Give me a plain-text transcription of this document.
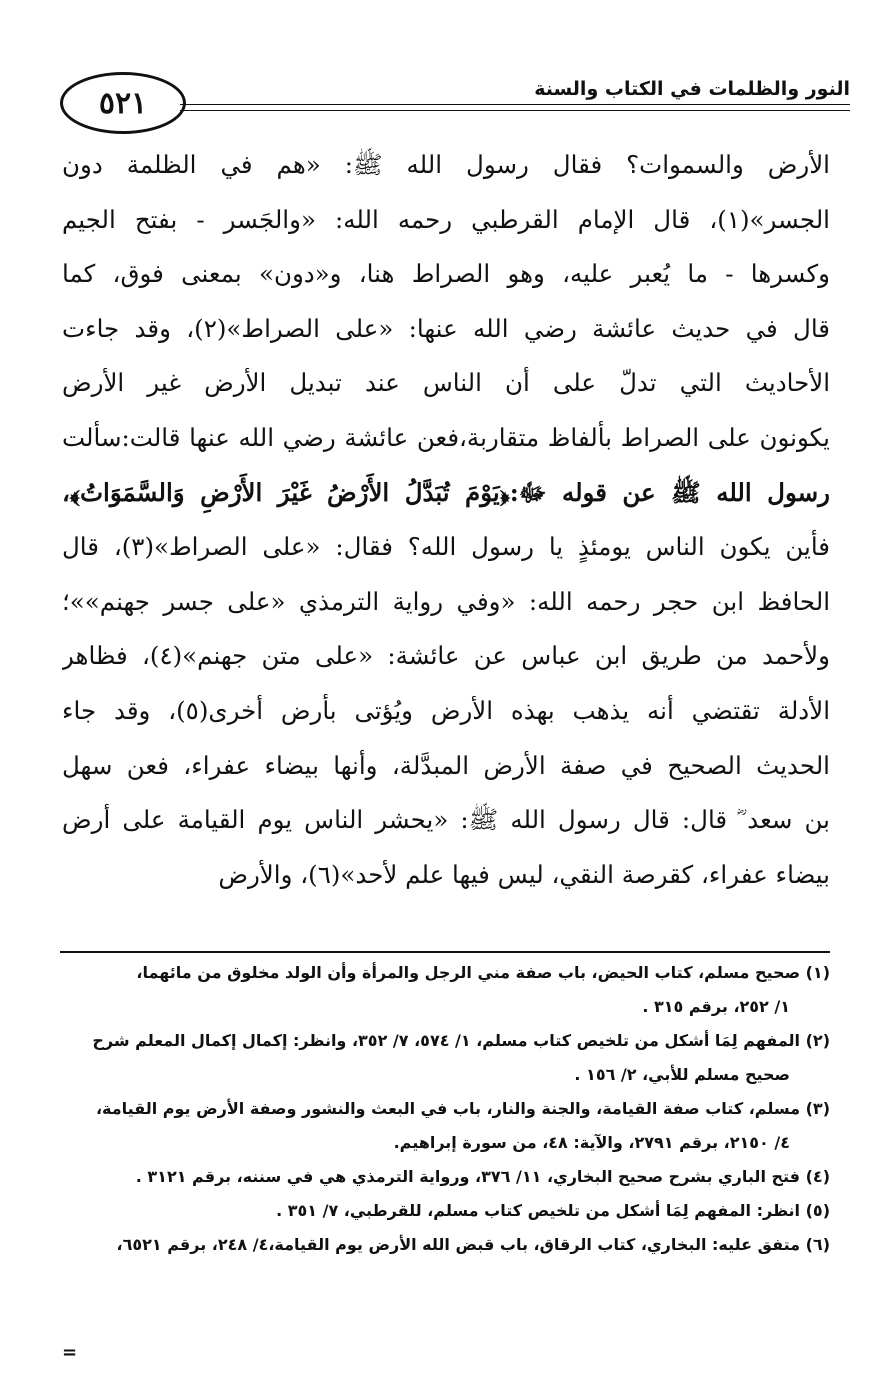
٥٢١	النور والظلمات في الكتاب والسنة
الأرض والسموات؟ فقال رسول الله ﷺ: «هم في الظلمة دون
الجسر»(١)، قال الإمام القرطبي رحمه الله: «والجَسر - بفتح الجيم
وكسرها - ما يُعبر عليه، وهو الصراط هنا، و«دون» بمعنى فوق، كما
قال في حديث عائشة رضي الله عنها: «على الصراط»(٢)، وقد جاءت
الأحاديث التي تدلّ على أن الناس عند تبديل الأرض غير الأرض
يكونون على الصراط بألفاظ متقاربة،فعن عائشة رضي الله عنها قالت:سألت
رسول الله ﷺ عن قوله ﷻ:﴿يَوْمَ تُبَدَّلُ الأَرْضُ غَيْرَ الأَرْضِ وَالسَّمَوَاتُ﴾،
فأين يكون الناس يومئذٍ يا رسول الله؟ فقال: «على الصراط»(٣)، قال
الحافظ ابن حجر رحمه الله: «وفي رواية الترمذي «على جسر جهنم»»؛
ولأحمد من طريق ابن عباس عن عائشة: «على متن جهنم»(٤)، فظاهر
الأدلة تقتضي أنه يذهب بهذه الأرض ويُؤتى بأرض أخرى(٥)، وقد جاء
الحديث الصحيح في صفة الأرض المبدَّلة، وأنها بيضاء عفراء، فعن سهل
بن سعد ؓ قال: قال رسول الله ﷺ: «يحشر الناس يوم القيامة على أرض
بيضاء عفراء، كقرصة النقي، ليس فيها علم لأحد»(٦)، والأرض
(١) صحيح مسلم، كتاب الحيض، باب صفة مني الرجل والمرأة وأن الولد مخلوق من مائهما،
١/ ٢٥٢، برقم ٣١٥ .
(٢) المفهم لِمَا أشكل من تلخيص كتاب مسلم، ١/ ٥٧٤، ٧/ ٣٥٢، وانظر: إكمال إكمال المعلم شرح
صحيح مسلم للأبي، ٢/ ١٥٦ .
(٣) مسلم، كتاب صفة القيامة، والجنة والنار، باب في البعث والنشور وصفة الأرض يوم القيامة،
٤/ ٢١٥٠، برقم ٢٧٩١، والآية: ٤٨، من سورة إبراهيم.
(٤) فتح الباري بشرح صحيح البخاري، ١١/ ٣٧٦، ورواية الترمذي هي في سننه، برقم ٣١٢١ .
(٥) انظر: المفهم لِمَا أشكل من تلخيص كتاب مسلم، للقرطبي، ٧/ ٣٥١ .
(٦) متفق عليه: البخاري، كتاب الرقاق، باب قبض الله الأرض يوم القيامة،٤/ ٢٤٨، برقم ٦٥٢١،
=
